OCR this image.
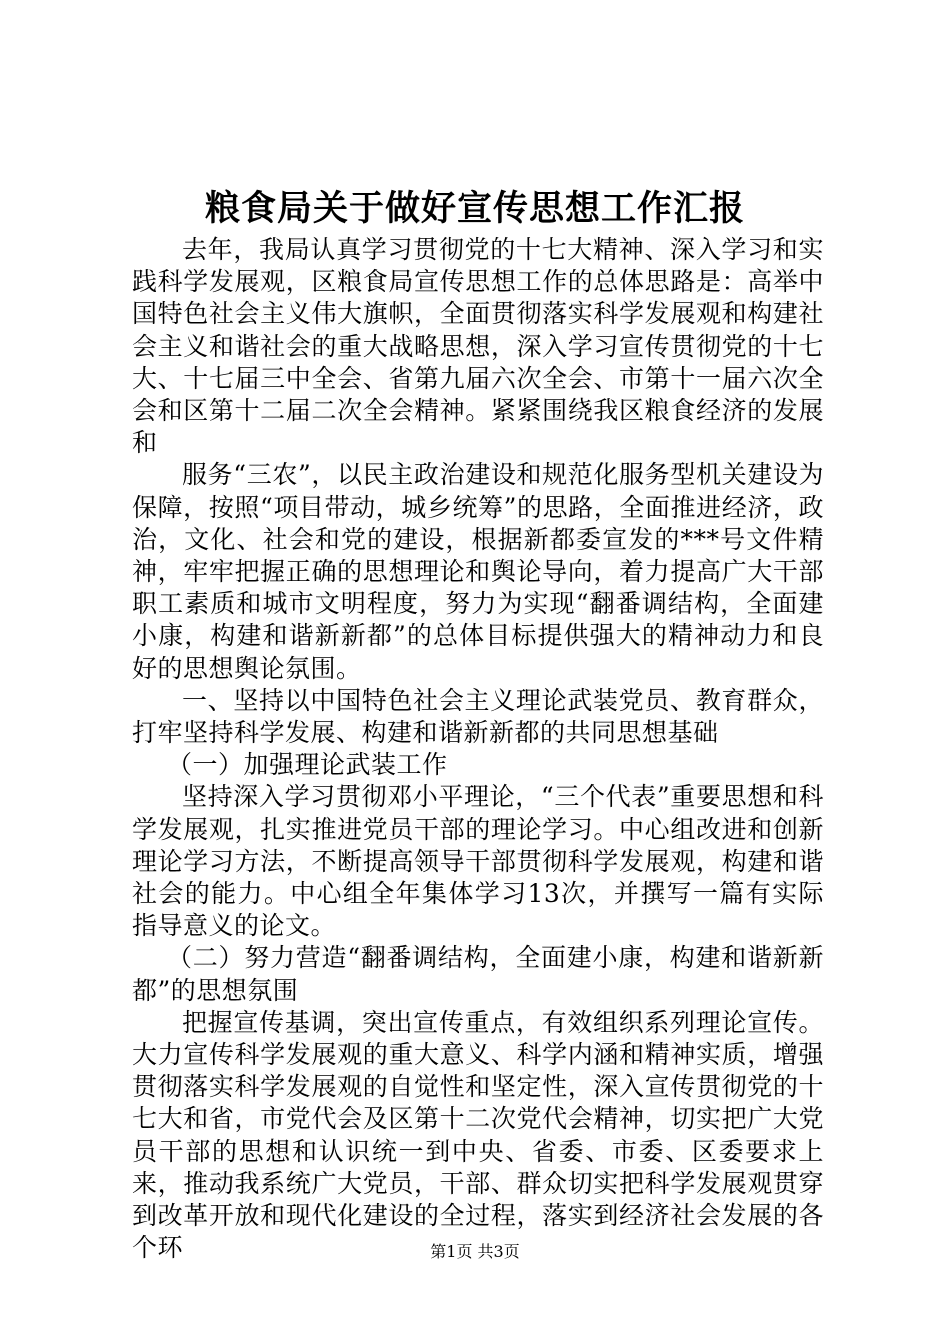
粮食局关于做好宣传思想工作汇报

去年，我局认真学习贯彻党的十七大精神、深入学习和实践科学发展观，区粮食局宣传思想工作的总体思路是：高举中国特色社会主义伟大旗帜，全面贯彻落实科学发展观和构建社会主义和谐社会的重大战略思想，深入学习宣传贯彻党的十七大、十七届三中全会、省第九届六次全会、市第十一届六次全会和区第十二届二次全会精神。紧紧围绕我区粮食经济的发展和

服务“三农”，以民主政治建设和规范化服务型机关建设为保障，按照“项目带动，城乡统筹”的思路，全面推进经济，政治，文化、社会和党的建设，根据新都委宣发的***号文件精神，牢牢把握正确的思想理论和舆论导向，着力提高广大干部职工素质和城市文明程度，努力为实现“翻番调结构，全面建小康，构建和谐新新都”的总体目标提供强大的精神动力和良好的思想舆论氛围。

一、坚持以中国特色社会主义理论武装党员、教育群众，打牢坚持科学发展、构建和谐新新都的共同思想基础

（一）加强理论武装工作

坚持深入学习贯彻邓小平理论，“三个代表”重要思想和科学发展观，扎实推进党员干部的理论学习。中心组改进和创新理论学习方法，不断提高领导干部贯彻科学发展观，构建和谐社会的能力。中心组全年集体学习13次，并撰写一篇有实际指导意义的论文。

（二）努力营造“翻番调结构，全面建小康，构建和谐新新都”的思想氛围

把握宣传基调，突出宣传重点，有效组织系列理论宣传。大力宣传科学发展观的重大意义、科学内涵和精神实质，增强贯彻落实科学发展观的自觉性和坚定性，深入宣传贯彻党的十七大和省，市党代会及区第十二次党代会精神，切实把广大党员干部的思想和认识统一到中央、省委、市委、区委要求上来，推动我系统广大党员，干部、群众切实把科学发展观贯穿到改革开放和现代化建设的全过程，落实到经济社会发展的各个环	第1页 共3页
